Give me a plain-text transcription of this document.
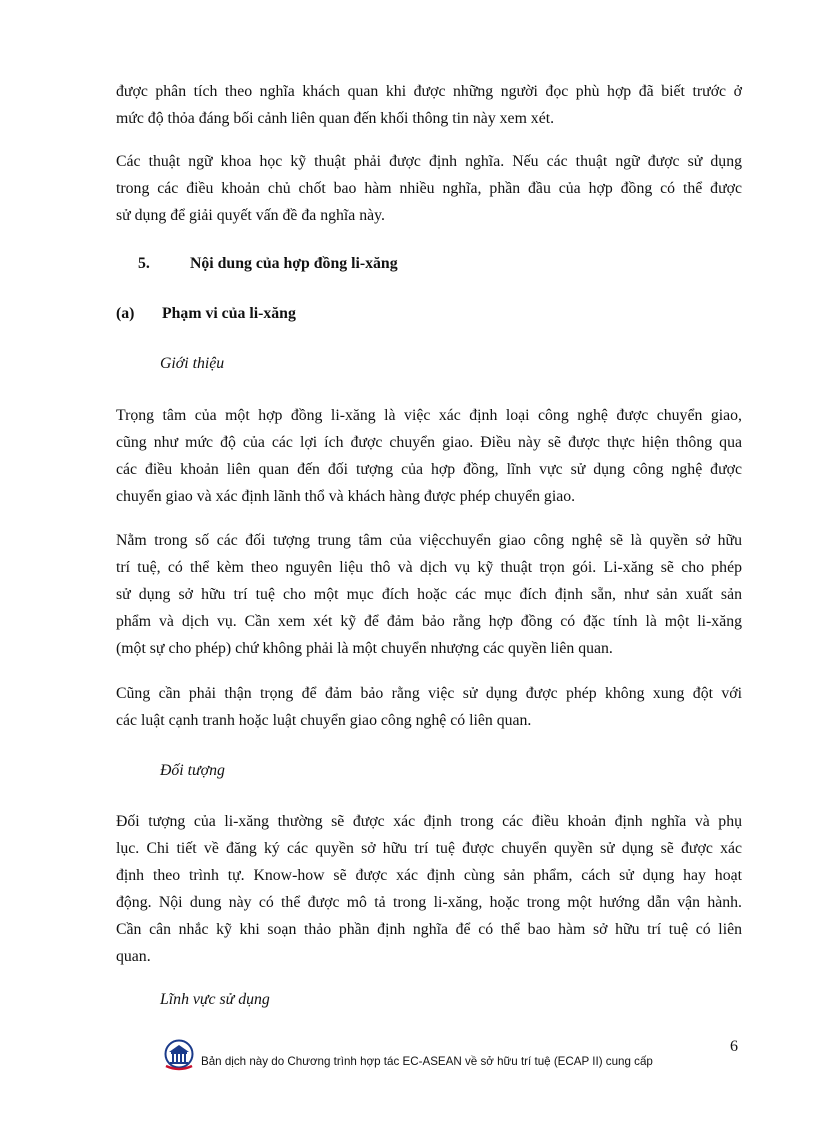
được phân tích theo nghĩa khách quan khi được những người đọc phù hợp đã biết trước ở
mức độ thỏa đáng bối cảnh liên quan đến khối thông tin này xem xét.
Các thuật ngữ khoa học kỹ thuật phải được định nghĩa. Nếu các thuật ngữ được sử dụng
trong các điều khoản chủ chốt bao hàm nhiều nghĩa, phần đầu của hợp đồng có thể được
sử dụng để giải quyết vấn đề đa nghĩa này.
5.	Nội dung của hợp đồng li-xăng
(a) Phạm vi của li-xăng
Giới thiệu
Trọng tâm của một hợp đồng li-xăng là việc xác định loại công nghệ được chuyển giao,
cũng như mức độ của các lợi ích được chuyển giao. Điều này sẽ được thực hiện thông qua
các điều khoản liên quan đến đối tượng của hợp đồng, lĩnh vực sử dụng công nghệ được
chuyển giao và xác định lãnh thổ và khách hàng được phép chuyển giao.
Nằm trong số các đối tượng trung tâm của việcchuyển giao công nghệ sẽ là quyền sở hữu
trí tuệ, có thể kèm theo nguyên liệu thô và dịch vụ kỹ thuật trọn gói. Li-xăng sẽ cho phép
sử dụng sở hữu trí tuệ cho một mục đích hoặc các mục đích định sẵn, như sản xuất sản
phẩm và dịch vụ. Cần xem xét kỹ để đảm bảo rằng hợp đồng có đặc tính là một li-xăng
(một sự cho phép) chứ không phải là một chuyển nhượng các quyền liên quan.
Cũng cần phải thận trọng để đảm bảo rằng việc sử dụng được phép không xung đột với
các luật cạnh tranh hoặc luật chuyển giao công nghệ có liên quan.
Đối tượng
Đối tượng của li-xăng thường sẽ được xác định trong các điều khoản định nghĩa và phụ
lục. Chi tiết về đăng ký các quyền sở hữu trí tuệ được chuyển quyền sử dụng sẽ được xác
định theo trình tự. Know-how sẽ được xác định cùng sản phẩm, cách sử dụng hay hoạt
động. Nội dung này có thể được mô tả trong li-xăng, hoặc trong một hướng dẫn vận hành.
Cần cân nhắc kỹ khi soạn thảo phần định nghĩa để có thể bao hàm sở hữu trí tuệ có liên
quan.
Lĩnh vực sử dụng
Bản dịch này do Chương trình hợp tác EC-ASEAN về sở hữu trí tuệ (ECAP II) cung cấp
6
